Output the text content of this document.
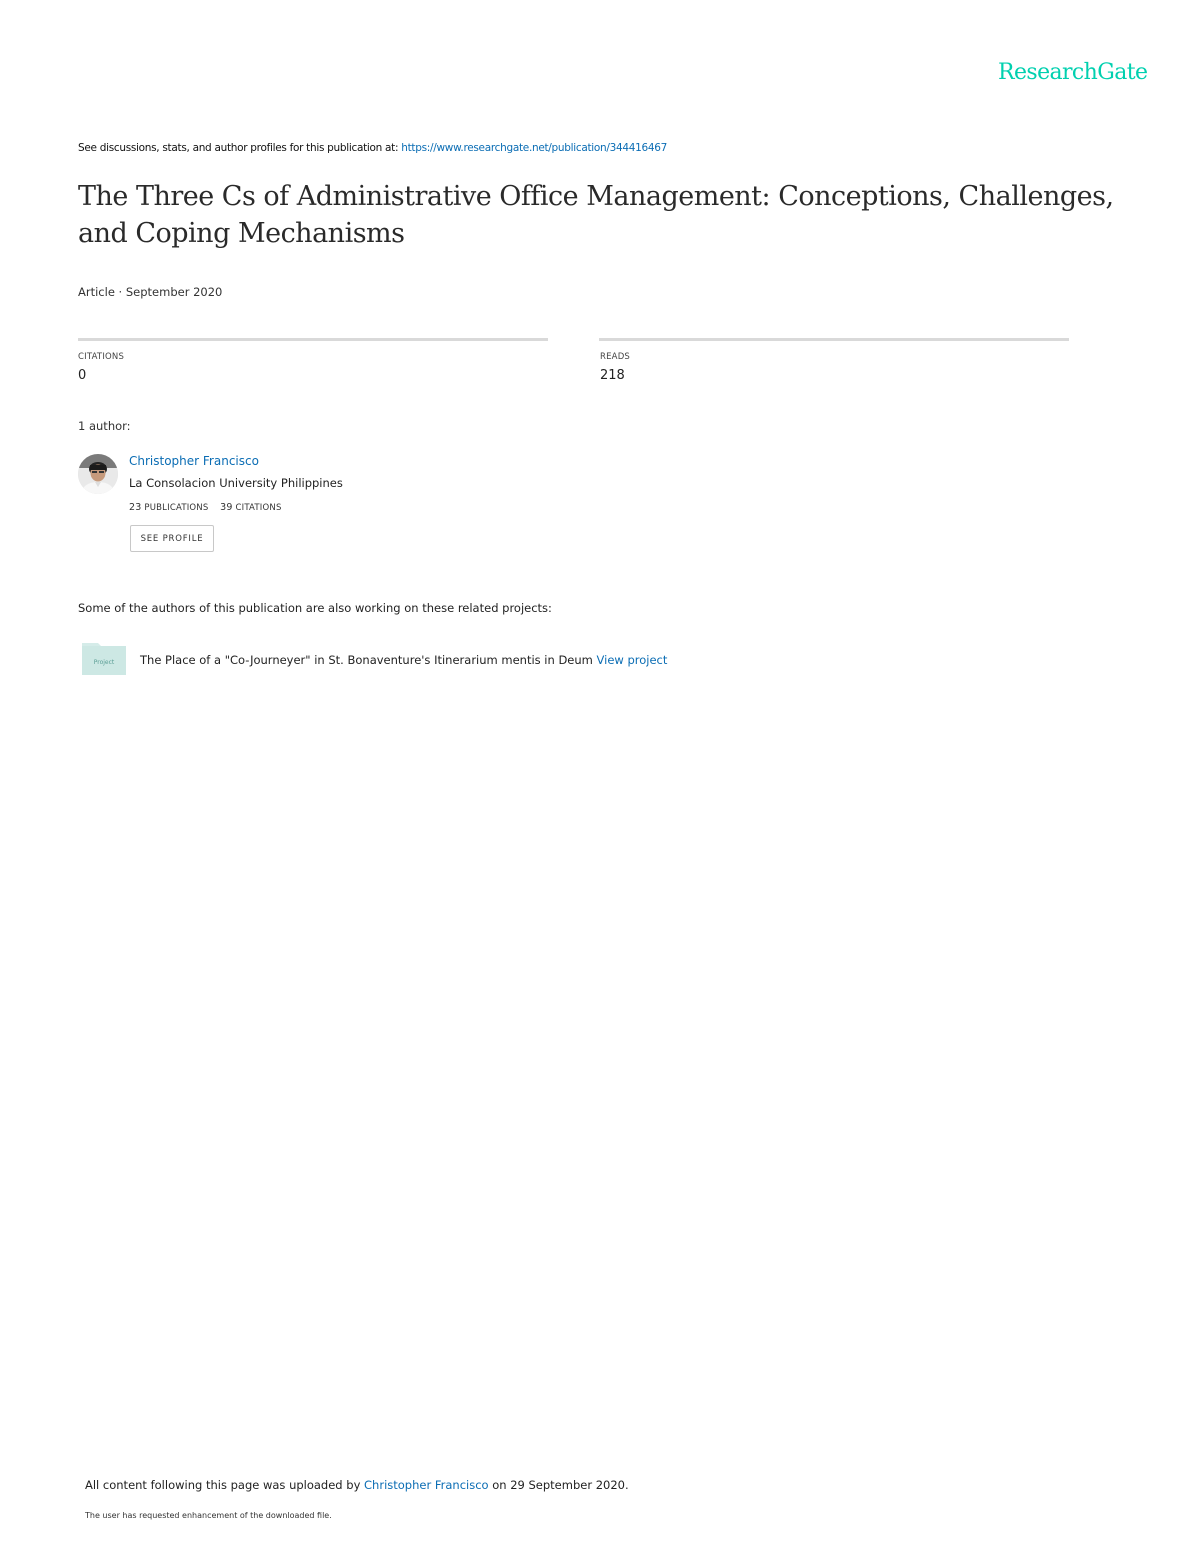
ResearchGate
See discussions, stats, and author profiles for this publication at: https://www.researchgate.net/publication/344416467
The Three Cs of Administrative Office Management: Conceptions, Challenges, and Coping Mechanisms
Article · September 2020
CITATIONS
0
READS
218
1 author:
Christopher Francisco
La Consolacion University Philippines
23 PUBLICATIONS 39 CITATIONS
SEE PROFILE
Some of the authors of this publication are also working on these related projects:
Project The Place of a "Co-Journeyer" in St. Bonaventure's Itinerarium mentis in Deum View project
All content following this page was uploaded by Christopher Francisco on 29 September 2020.
The user has requested enhancement of the downloaded file.
